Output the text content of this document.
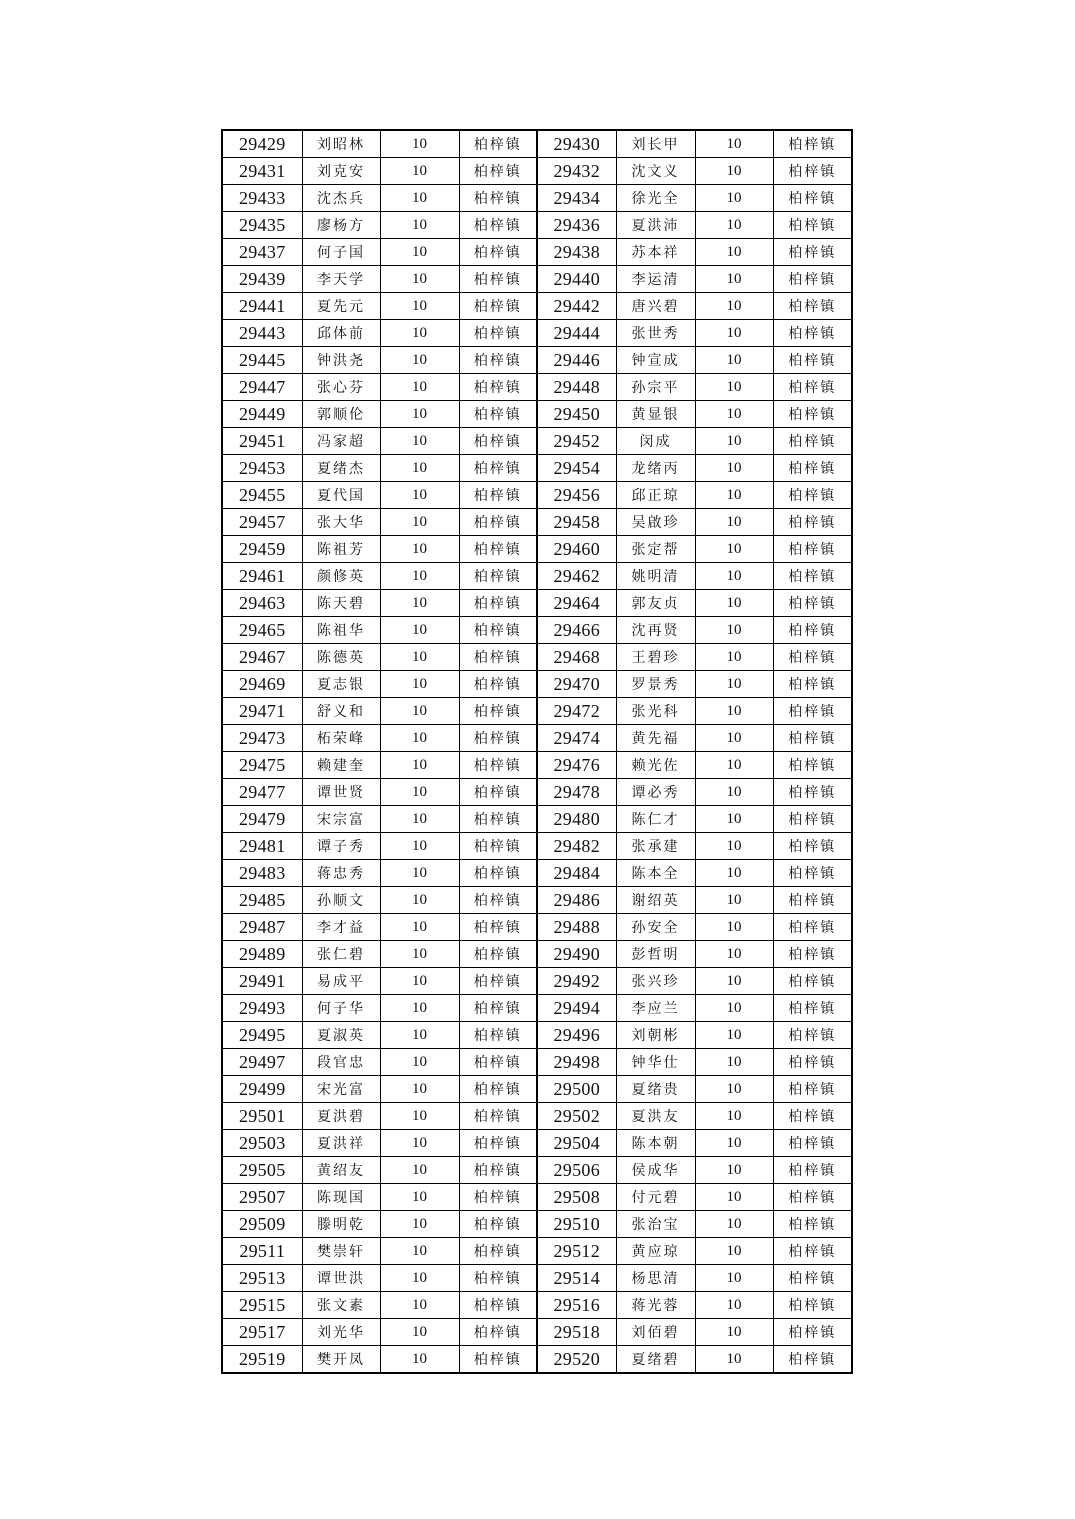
29429	刘昭林	10	柏梓镇	29430	刘长甲	10	柏梓镇
29431	刘克安	10	柏梓镇	29432	沈文义	10	柏梓镇
29433	沈杰兵	10	柏梓镇	29434	徐光全	10	柏梓镇
29435	廖杨方	10	柏梓镇	29436	夏洪沛	10	柏梓镇
29437	何子国	10	柏梓镇	29438	苏本祥	10	柏梓镇
29439	李天学	10	柏梓镇	29440	李运清	10	柏梓镇
29441	夏先元	10	柏梓镇	29442	唐兴碧	10	柏梓镇
29443	邱体前	10	柏梓镇	29444	张世秀	10	柏梓镇
29445	钟洪尧	10	柏梓镇	29446	钟宣成	10	柏梓镇
29447	张心芬	10	柏梓镇	29448	孙宗平	10	柏梓镇
29449	郭顺伦	10	柏梓镇	29450	黄显银	10	柏梓镇
29451	冯家超	10	柏梓镇	29452	闵成	10	柏梓镇
29453	夏绪杰	10	柏梓镇	29454	龙绪丙	10	柏梓镇
29455	夏代国	10	柏梓镇	29456	邱正琼	10	柏梓镇
29457	张大华	10	柏梓镇	29458	吴啟珍	10	柏梓镇
29459	陈祖芳	10	柏梓镇	29460	张定帮	10	柏梓镇
29461	颜修英	10	柏梓镇	29462	姚明清	10	柏梓镇
29463	陈天碧	10	柏梓镇	29464	郭友贞	10	柏梓镇
29465	陈祖华	10	柏梓镇	29466	沈再贤	10	柏梓镇
29467	陈德英	10	柏梓镇	29468	王碧珍	10	柏梓镇
29469	夏志银	10	柏梓镇	29470	罗景秀	10	柏梓镇
29471	舒义和	10	柏梓镇	29472	张光科	10	柏梓镇
29473	柘荣峰	10	柏梓镇	29474	黄先福	10	柏梓镇
29475	赖建奎	10	柏梓镇	29476	赖光佐	10	柏梓镇
29477	谭世贤	10	柏梓镇	29478	谭必秀	10	柏梓镇
29479	宋宗富	10	柏梓镇	29480	陈仁才	10	柏梓镇
29481	谭子秀	10	柏梓镇	29482	张承建	10	柏梓镇
29483	蒋忠秀	10	柏梓镇	29484	陈本全	10	柏梓镇
29485	孙顺文	10	柏梓镇	29486	谢绍英	10	柏梓镇
29487	李才益	10	柏梓镇	29488	孙安全	10	柏梓镇
29489	张仁碧	10	柏梓镇	29490	彭哲明	10	柏梓镇
29491	易成平	10	柏梓镇	29492	张兴珍	10	柏梓镇
29493	何子华	10	柏梓镇	29494	李应兰	10	柏梓镇
29495	夏淑英	10	柏梓镇	29496	刘朝彬	10	柏梓镇
29497	段官忠	10	柏梓镇	29498	钟华仕	10	柏梓镇
29499	宋光富	10	柏梓镇	29500	夏绪贵	10	柏梓镇
29501	夏洪碧	10	柏梓镇	29502	夏洪友	10	柏梓镇
29503	夏洪祥	10	柏梓镇	29504	陈本朝	10	柏梓镇
29505	黄绍友	10	柏梓镇	29506	侯成华	10	柏梓镇
29507	陈现国	10	柏梓镇	29508	付元碧	10	柏梓镇
29509	滕明乾	10	柏梓镇	29510	张治宝	10	柏梓镇
29511	樊崇轩	10	柏梓镇	29512	黄应琼	10	柏梓镇
29513	谭世洪	10	柏梓镇	29514	杨思清	10	柏梓镇
29515	张文素	10	柏梓镇	29516	蒋光蓉	10	柏梓镇
29517	刘光华	10	柏梓镇	29518	刘佰碧	10	柏梓镇
29519	樊开凤	10	柏梓镇	29520	夏绪碧	10	柏梓镇
